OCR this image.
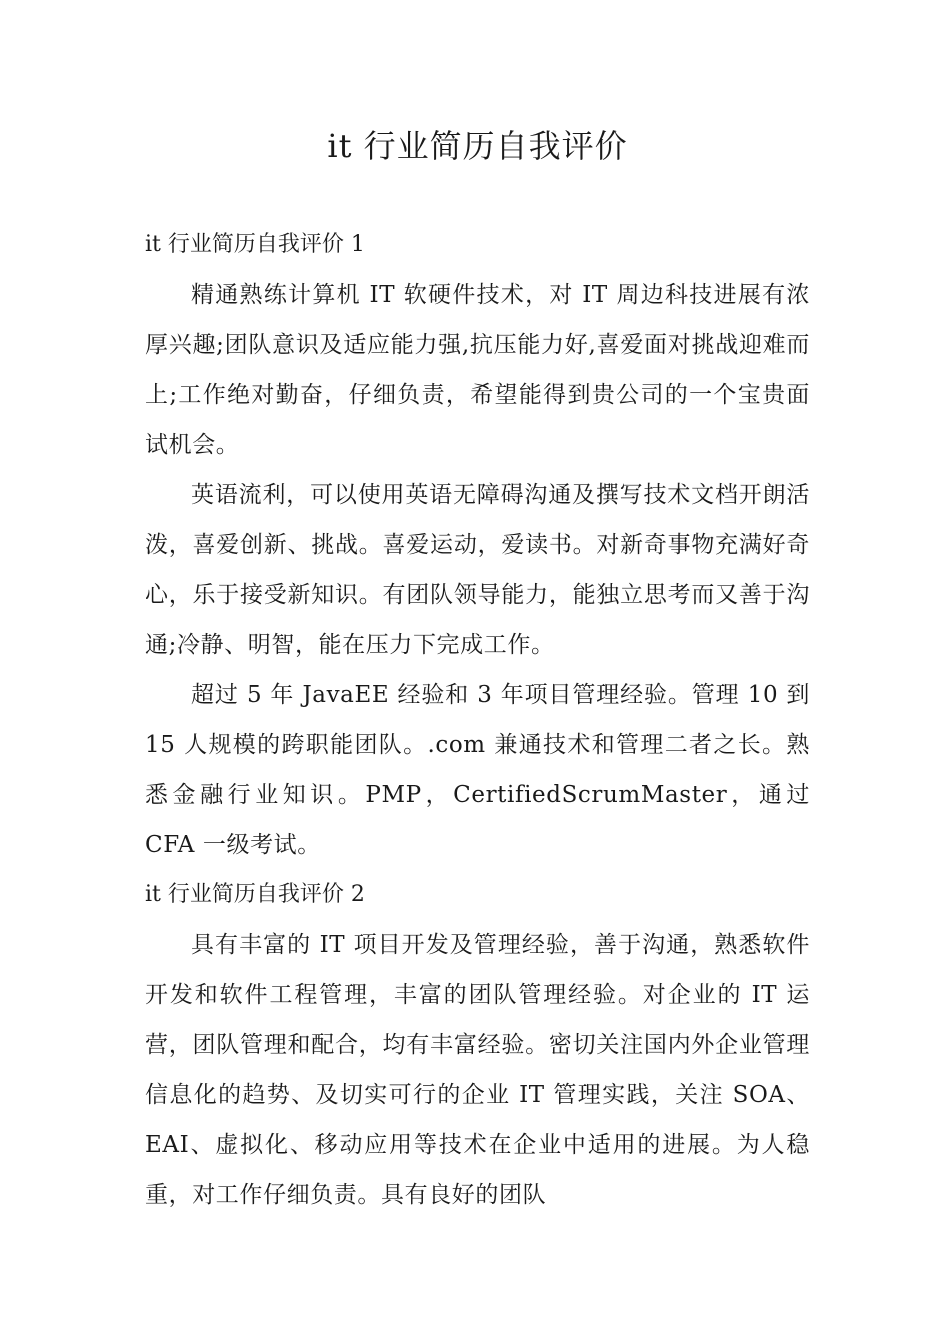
it 行业简历自我评价

it 行业简历自我评价 1

精通熟练计算机 IT 软硬件技术，对 IT 周边科技进展有浓厚兴趣;团队意识及适应能力强,抗压能力好,喜爱面对挑战迎难而上;工作绝对勤奋，仔细负责，希望能得到贵公司的一个宝贵面试机会。

英语流利，可以使用英语无障碍沟通及撰写技术文档开朗活泼，喜爱创新、挑战。喜爱运动，爱读书。对新奇事物充满好奇心，乐于接受新知识。有团队领导能力，能独立思考而又善于沟通;冷静、明智，能在压力下完成工作。

超过 5 年 JavaEE 经验和 3 年项目管理经验。管理 10 到 15 人规模的跨职能团队。.com 兼通技术和管理二者之长。熟悉金融行业知识。PMP，CertifiedScrumMaster，通过 CFA 一级考试。

it 行业简历自我评价 2

具有丰富的 IT 项目开发及管理经验，善于沟通，熟悉软件开发和软件工程管理，丰富的团队管理经验。对企业的 IT 运营，团队管理和配合，均有丰富经验。密切关注国内外企业管理信息化的趋势、及切实可行的企业 IT 管理实践，关注 SOA、EAI、虚拟化、移动应用等技术在企业中适用的进展。为人稳重，对工作仔细负责。具有良好的团队
